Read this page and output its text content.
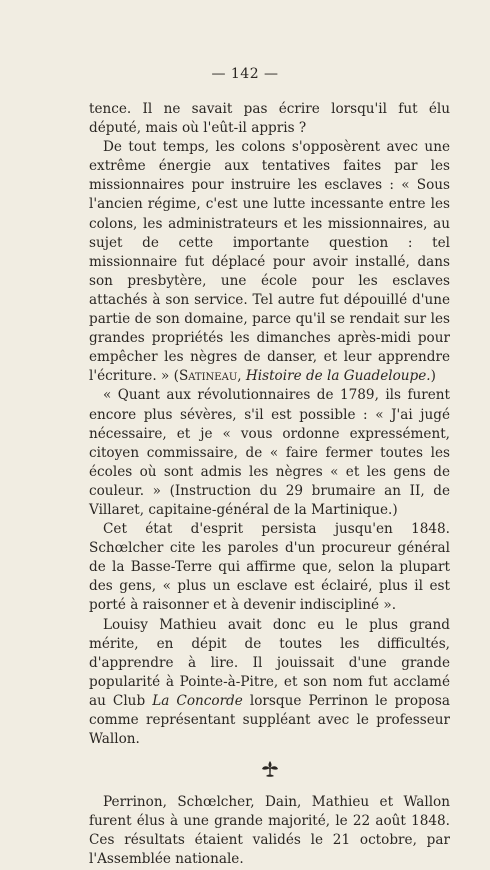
— 142 —

tence. Il ne savait pas écrire lorsqu'il fut élu député, mais où l'eût-il appris ?

De tout temps, les colons s'opposèrent avec une extrême énergie aux tentatives faites par les missionnaires pour instruire les esclaves : « Sous l'ancien régime, c'est une lutte incessante entre les colons, les administrateurs et les missionnaires, au sujet de cette importante question : tel missionnaire fut déplacé pour avoir installé, dans son presbytère, une école pour les esclaves attachés à son service. Tel autre fut dépouillé d'une partie de son domaine, parce qu'il se rendait sur les grandes propriétés les dimanches après-midi pour empêcher les nègres de danser, et leur apprendre l'écriture. » (Satineau, Histoire de la Guadeloupe.)

« Quant aux révolutionnaires de 1789, ils furent encore plus sévères, s'il est possible : « J'ai jugé nécessaire, et je « vous ordonne expressément, citoyen commissaire, de « faire fermer toutes les écoles où sont admis les nègres « et les gens de couleur. » (Instruction du 29 brumaire an II, de Villaret, capitaine-général de la Martinique.)

Cet état d'esprit persista jusqu'en 1848. Schœlcher cite les paroles d'un procureur général de la Basse-Terre qui affirme que, selon la plupart des gens, « plus un esclave est éclairé, plus il est porté à raisonner et à devenir indiscipliné ».

Louisy Mathieu avait donc eu le plus grand mérite, en dépit de toutes les difficultés, d'apprendre à lire. Il jouissait d'une grande popularité à Pointe-à-Pitre, et son nom fut acclamé au Club La Concorde lorsque Perrinon le proposa comme représentant suppléant avec le professeur Wallon.

Perrinon, Schœlcher, Dain, Mathieu et Wallon furent élus à une grande majorité, le 22 août 1848. Ces résultats étaient validés le 21 octobre, par l'Assemblée nationale.
